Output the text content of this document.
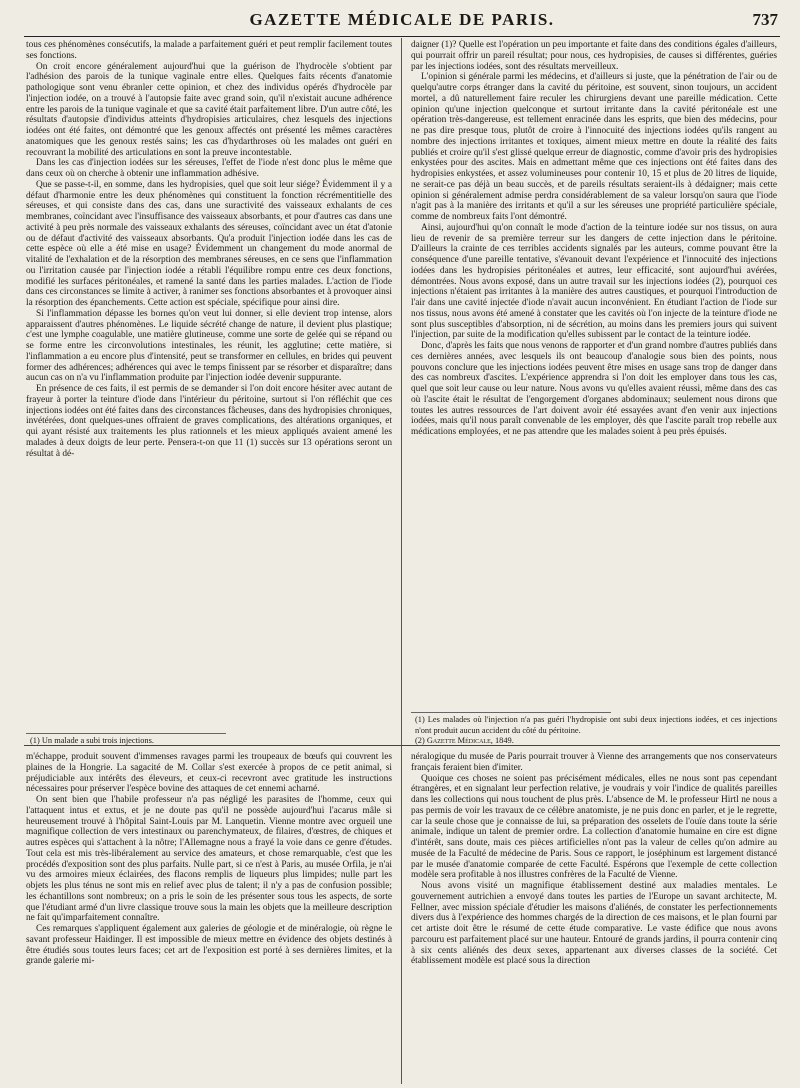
GAZETTE MÉDICALE DE PARIS.	737

tous ces phénomènes consécutifs, la malade a parfaitement guéri et peut remplir facilement toutes ses fonctions.

On croit encore généralement aujourd'hui que la guérison de l'hydrocèle s'obtient par l'adhésion des parois de la tunique vaginale entre elles. Quelques faits récents d'anatomie pathologique sont venu ébranler cette opinion, et chez des individus opérés d'hydrocèle par l'injection iodée, on a trouvé à l'autopsie faite avec grand soin, qu'il n'existait aucune adhérence entre les parois de la tunique vaginale et que sa cavité était parfaitement libre. D'un autre côté, les résultats d'autopsie d'individus atteints d'hydropisies articulaires, chez lesquels des injections iodées ont été faites, ont démontré que les genoux affectés ont présenté les mêmes caractères anatomiques que les genoux restés sains; les cas d'hydarthroses où les malades ont guéri en recouvrant la mobilité des articulations en sont la preuve incontestable.

Dans les cas d'injection iodées sur les séreuses, l'effet de l'iode n'est donc plus le même que dans ceux où on cherche à obtenir une inflammation adhésive.

Que se passe-t-il, en somme, dans les hydropisies, quel que soit leur siége? Évidemment il y a défaut d'harmonie entre les deux phénomènes qui constituent la fonction récrémentitielle des séreuses, et qui consiste dans des cas, dans une suractivité des vaisseaux exhalants de ces membranes, coïncidant avec l'insuffisance des vaisseaux absorbants, et pour d'autres cas dans une activité à peu près normale des vaisseaux exhalants des séreuses, coïncidant avec un état d'atonie ou de défaut d'activité des vaisseaux absorbants. Qu'a produit l'injection iodée dans les cas de cette espèce où elle a été mise en usage? Évidemment un changement du mode anormal de vitalité de l'exhalation et de la résorption des membranes séreuses, en ce sens que l'inflammation ou l'irritation causée par l'injection iodée a rétabli l'équilibre rompu entre ces deux fonctions, modifié les surfaces péritonéales, et ramené la santé dans les parties malades. L'action de l'iode dans ces circonstances se limite à activer, à ranimer ses fonctions absorbantes et à provoquer ainsi la résorption des épanchements. Cette action est spéciale, spécifique pour ainsi dire.

Si l'inflammation dépasse les bornes qu'on veut lui donner, si elle devient trop intense, alors apparaissent d'autres phénomènes. Le liquide sécrété change de nature, il devient plus plastique; c'est une lymphe coagulable, une matière glutineuse, comme une sorte de gelée qui se répand ou se forme entre les circonvolutions intestinales, les réunit, les agglutine; cette matière, si l'inflammation a eu encore plus d'intensité, peut se transformer en cellules, en brides qui peuvent former des adhérences; adhérences qui avec le temps finissent par se résorber et disparaître; dans aucun cas on n'a vu l'inflammation produite par l'injection iodée devenir suppurante.

En présence de ces faits, il est permis de se demander si l'on doit encore hésiter avec autant de frayeur à porter la teinture d'iode dans l'intérieur du péritoine, surtout si l'on réfléchit que ces injections iodées ont été faites dans des circonstances fâcheuses, dans des hydropisies chroniques, invétérées, dont quelques-unes offraient de graves complications, des altérations organiques, et qui ayant résisté aux traitements les plus rationnels et les mieux appliqués avaient amené les malades à deux doigts de leur perte. Pensera-t-on que 11 (1) succès sur 13 opérations seront un résultat à dé-

daigner (1)? Quelle est l'opération un peu importante et faite dans des conditions égales d'ailleurs, qui pourrait offrir un pareil résultat; pour nous, ces hydropisies, de causes si différentes, guéries par les injections iodées, sont des résultats merveilleux.

L'opinion si générale parmi les médecins, et d'ailleurs si juste, que la pénétration de l'air ou de quelqu'autre corps étranger dans la cavité du péritoine, est souvent, sinon toujours, un accident mortel, a dû naturellement faire reculer les chirurgiens devant une pareille médication. Cette opinion qu'une injection quelconque et surtout irritante dans la cavité péritonéale est une opération très-dangereuse, est tellement enracinée dans les esprits, que bien des médecins, pour ne pas dire presque tous, plutôt de croire à l'innocuité des injections iodées qu'ils rangent au nombre des injections irritantes et toxiques, aiment mieux mettre en doute la réalité des faits publiés et croire qu'il s'est glissé quelque erreur de diagnostic, comme d'avoir pris des hydropisies enkystées pour des ascites. Mais en admettant même que ces injections ont été faites dans des hydropisies enkystées, et assez volumineuses pour contenir 10, 15 et plus de 20 litres de liquide, ne serait-ce pas déjà un beau succès, et de pareils résultats seraient-ils à dédaigner; mais cette opinion si généralement admise perdra considérablement de sa valeur lorsqu'on saura que l'iode n'agit pas à la manière des irritants et qu'il a sur les séreuses une propriété particulière spéciale, comme de nombreux faits l'ont démontré.

Ainsi, aujourd'hui qu'on connaît le mode d'action de la teinture iodée sur nos tissus, on aura lieu de revenir de sa première terreur sur les dangers de cette injection dans le péritoine. D'ailleurs la crainte de ces terribles accidents signalés par les auteurs, comme pouvant être la conséquence d'une pareille tentative, s'évanouit devant l'expérience et l'innocuité des injections iodées dans les hydropisies péritonéales et autres, leur efficacité, sont aujourd'hui avérées, démontrées. Nous avons exposé, dans un autre travail sur les injections iodées (2), pourquoi ces injections n'étaient pas irritantes à la manière des autres caustiques, et pourquoi l'introduction de l'air dans une cavité injectée d'iode n'avait aucun inconvénient. En étudiant l'action de l'iode sur nos tissus, nous avons été amené à constater que les cavités où l'on injecte de la teinture d'iode ne sont plus susceptibles d'absorption, ni de sécrétion, au moins dans les premiers jours qui suivent l'injection, par suite de la modification qu'elles subissent par le contact de la teinture iodée.

Donc, d'après les faits que nous venons de rapporter et d'un grand nombre d'autres publiés dans ces dernières années, avec lesquels ils ont beaucoup d'analogie sous bien des points, nous pouvons conclure que les injections iodées peuvent être mises en usage sans trop de danger dans des cas nombreux d'ascites. L'expérience apprendra si l'on doit les employer dans tous les cas, quel que soit leur cause ou leur nature. Nous avons vu qu'elles avaient réussi, même dans des cas où l'ascite était le résultat de l'engorgement d'organes abdominaux; seulement nous dirons que toutes les autres ressources de l'art doivent avoir été essayées avant d'en venir aux injections iodées, mais qu'il nous paraît convenable de les employer, dès que l'ascite paraît trop rebelle aux médications employées, et ne pas attendre que les malades soient à peu près épuisés.

(1) Un malade a subi trois injections.
(1) Les malades où l'injection n'a pas guéri l'hydropisie ont subi deux injections iodées, et ces injections n'ont produit aucun accident du côté du péritoine.
(2) Gazette Médicale, 1849.

m'échappe, produit souvent d'immenses ravages parmi les troupeaux de bœufs qui couvrent les plaines de la Hongrie. La sagacité de M. Collar s'est exercée à propos de ce petit animal, si préjudiciable aux intérêts des éleveurs, et ceux-ci recevront avec gratitude les instructions nécessaires pour préserver l'espèce bovine des attaques de cet ennemi acharné.

On sent bien que l'habile professeur n'a pas négligé les parasites de l'homme, ceux qui l'attaquent intus et extus, et je ne doute pas qu'il ne possède aujourd'hui l'acarus mâle si heureusement trouvé à l'hôpital Saint-Louis par M. Lanquetin. Vienne montre avec orgueil une magnifique collection de vers intestinaux ou parenchymateux, de filaires, d'œstres, de chiques et autres espèces qui s'attachent à la nôtre; l'Allemagne nous a frayé la voie dans ce genre d'études. Tout cela est mis très-libéralement au service des amateurs, et chose remarquable, c'est que les procédés d'exposition sont des plus parfaits. Nulle part, si ce n'est à Paris, au musée Orfila, je n'ai vu des armoires mieux éclairées, des flacons remplis de liqueurs plus limpides; nulle part les objets les plus ténus ne sont mis en relief avec plus de talent; il n'y a pas de confusion possible; les échantillons sont nombreux; on a pris le soin de les présenter sous tous les aspects, de sorte que l'étudiant armé d'un livre classique trouve sous la main les objets que la meilleure description ne fait qu'imparfaitement connaître.

Ces remarques s'appliquent également aux galeries de géologie et de minéralogie, où règne le savant professeur Haidinger. Il est impossible de mieux mettre en évidence des objets destinés à être étudiés sous toutes leurs faces; cet art de l'exposition est porté à ses dernières limites, et la grande galerie mi-

néralogique du musée de Paris pourrait trouver à Vienne des arrangements que nos conservateurs français feraient bien d'imiter.

Quoique ces choses ne soient pas précisément médicales, elles ne nous sont pas cependant étrangères, et en signalant leur perfection relative, je voudrais y voir l'indice de qualités pareilles dans les collections qui nous touchent de plus près. L'absence de M. le professeur Hirtl ne nous a pas permis de voir les travaux de ce célèbre anatomiste, je ne puis donc en parler, et je le regrette, car la seule chose que je connaisse de lui, sa préparation des osselets de l'ouïe dans toute la série animale, indique un talent de premier ordre. La collection d'anatomie humaine en cire est digne d'intérêt, sans doute, mais ces pièces artificielles n'ont pas la valeur de celles qu'on admire au musée de la Faculté de médecine de Paris. Sous ce rapport, le joséphinum est largement distancé par le musée d'anatomie comparée de cette Faculté. Espérons que l'exemple de cette collection modèle sera profitable à nos illustres confrères de la Faculté de Vienne.

Nous avons visité un magnifique établissement destiné aux maladies mentales. Le gouvernement autrichien a envoyé dans toutes les parties de l'Europe un savant architecte, M. Fellner, avec mission spéciale d'étudier les maisons d'aliénés, de constater les perfectionnements divers dus à l'expérience des hommes chargés de la direction de ces maisons, et le plan fourni par cet artiste doit être le résumé de cette étude comparative. Le vaste édifice que nous avons parcouru est parfaitement placé sur une hauteur. Entouré de grands jardins, il pourra contenir cinq à six cents aliénés des deux sexes, appartenant aux diverses classes de la société. Cet établissement modèle est placé sous la direction
